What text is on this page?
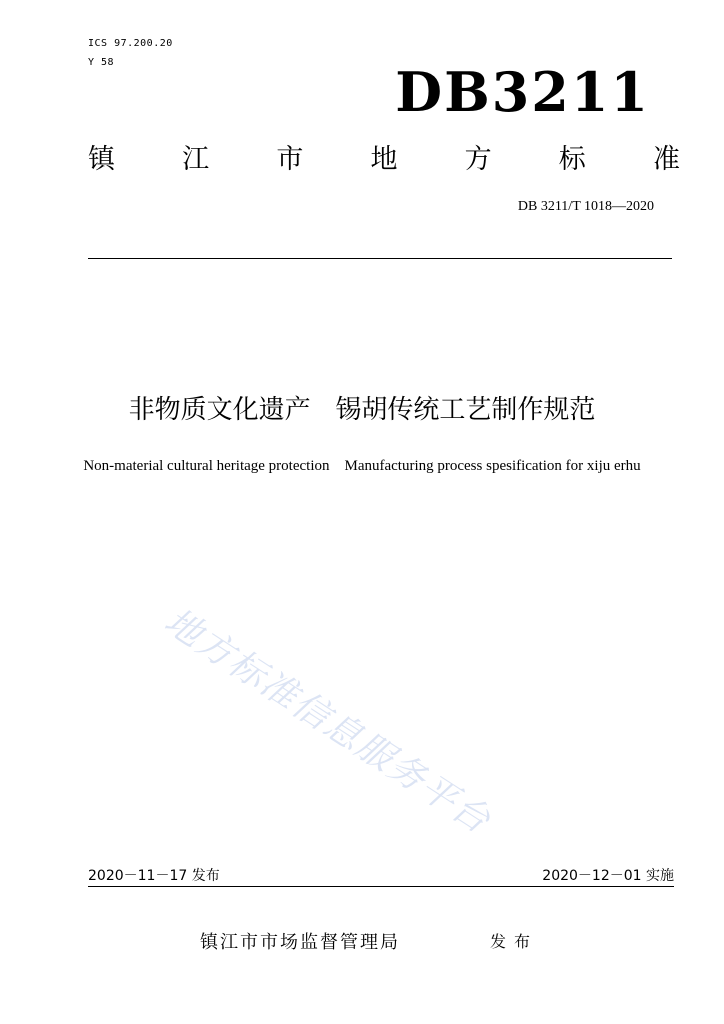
ICS 97.200.20
Y 58	DB3211
镇 江 市 地 方 标 准
DB 3211/T 1018—2020
非物质文化遗产   锡胡传统工艺制作规范
Non-material cultural heritage protection    Manufacturing process spesification for xiju erhu
地方标准信息服务平台
2020－11－17 发布	2020－12－01 实施
镇江市市场监督管理局	发布
